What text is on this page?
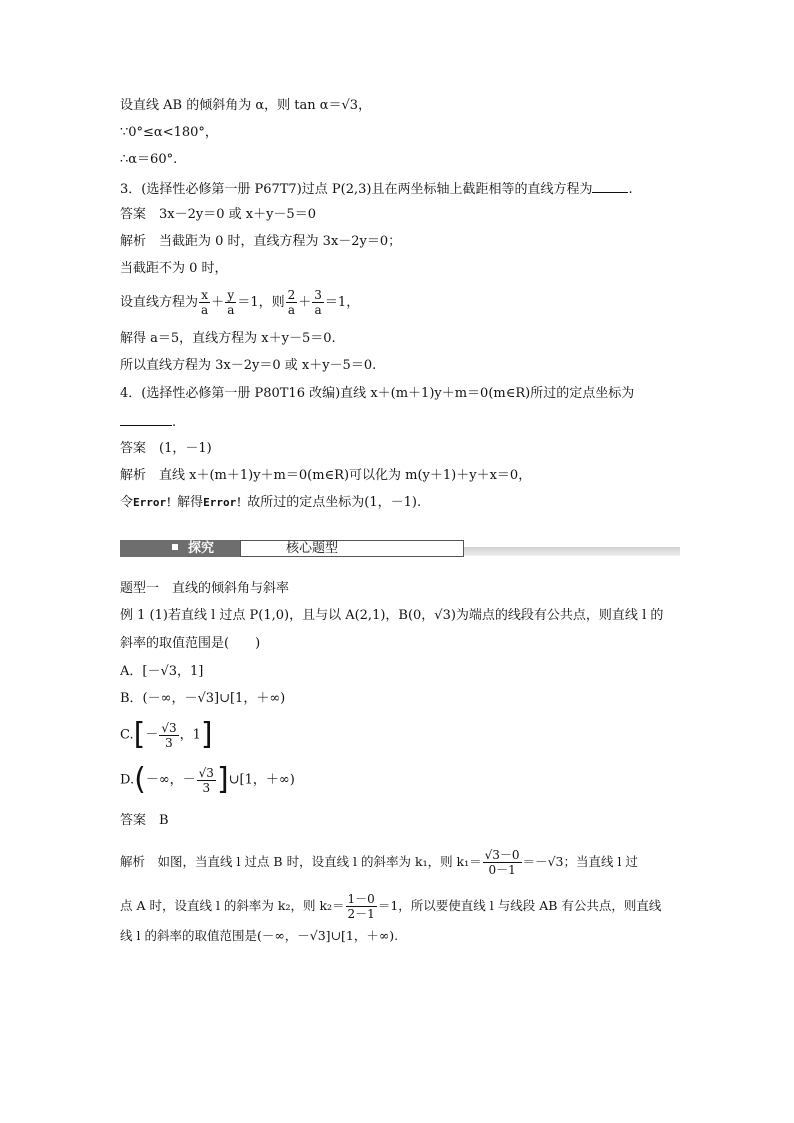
设直线 AB 的倾斜角为 α，则 tan α＝√3，
∵0°≤α<180°，
∴α＝60°.
3．(选择性必修第一册 P67T7)过点 P(2,3)且在两坐标轴上截距相等的直线方程为	.
答案　3x－2y＝0 或 x＋y－5＝0
解析　当截距为 0 时，直线方程为 3x－2y＝0；
当截距不为 0 时，
设直线方程为 $\frac{x}{a} + \frac{y}{a} =1$，则 $\frac{2}{a} + \frac{3}{a} =1$，
解得 a＝5，直线方程为 x＋y－5＝0.
所以直线方程为 3x－2y＝0 或 x＋y－5＝0.
4．(选择性必修第一册 P80T16 改编)直线 x＋(m＋1)y＋m＝0(m∈R)所过的定点坐标为
.
答案　(1，－1)
解析　直线 x＋(m＋1)y＋m＝0(m∈R)可以化为 m(y＋1)＋y＋x＝0，
令Error！解得Error！故所过的定点坐标为(1，－1).
探究	核心题型
题型一　直线的倾斜角与斜率
例 1 (1)若直线 l 过点 P(1,0)，且与以 A(2,1)，B(0，√3)为端点的线段有公共点，则直线 l 的
斜率的取值范围是(　　)
A．[－√3，1]
B．(－∞，－√3]∪[1，＋∞)
$C.[- \frac{√3}{3}$ ，1]
D.(－∞，－ $\frac{√3}{3}$ ]∪[1，＋∞)
答案　B
解析　如图，当直线 l 过点 B 时，设直线 l 的斜率为 k₁，则 $k_1= \frac{√3-0}{0-1} =-√3$；当直线 l 过
点 A 时，设直线 l 的斜率为 k₂，则 $k_2= \frac{1-0}{2-1} =1$，所以要使直线 l 与线段 AB 有公共点，则直线
线 l 的斜率的取值范围是(－∞，－√3]∪[1，＋∞).
